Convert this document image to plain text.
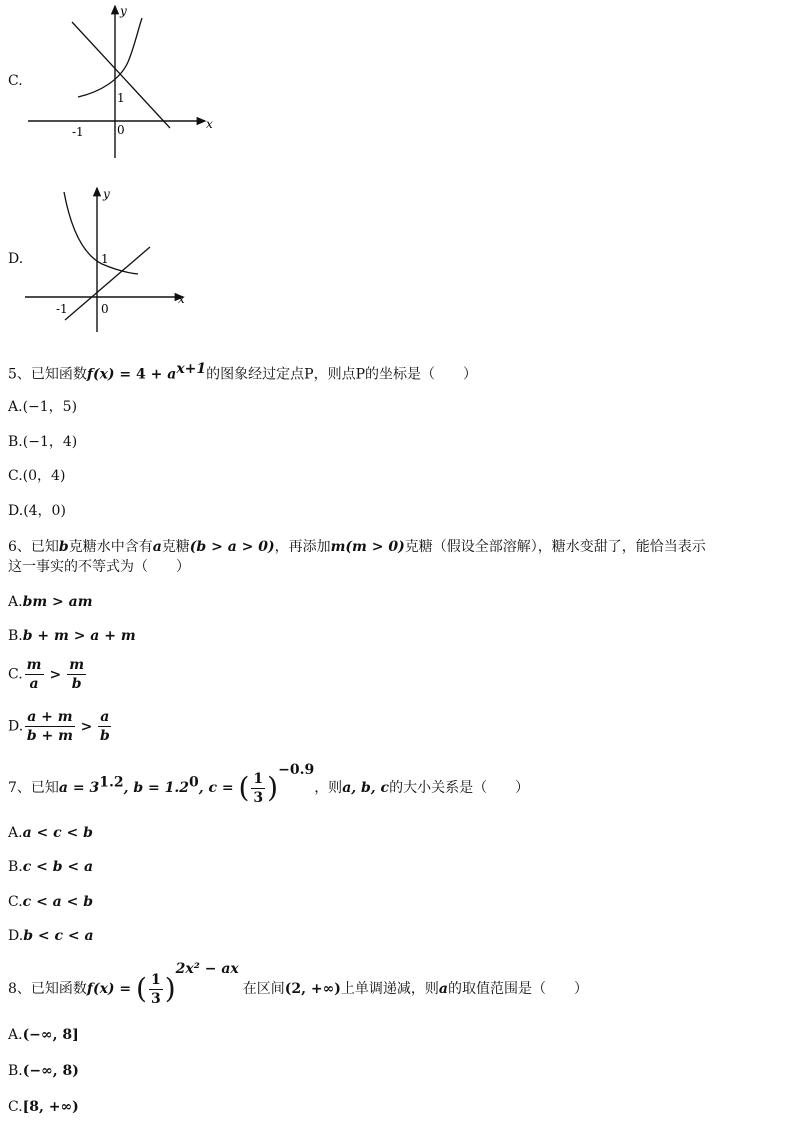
C.
y
x
1
-1	0
D.
y
x
1
-1	0
5、已知函数$f(x) = 4 + a^{x+1}$的图象经过定点P，则点P的坐标是（　　）
A.(−1，5)
B.(−1，4)
C.(0，4)
D.(4，0)
6、已知b克糖水中含有a克糖(b > a > 0)，再添加m(m > 0)克糖（假设全部溶解），糖水变甜了，能恰当表示
这一事实的不等式为（　　）
A.bm > am
B.b + m > a + m
C. $\frac{m}{a} > \frac{m}{b}$
D. $\frac{a + m}{b + m} > \frac{a}{b}$
7、已知$a = 3^{1.2}$, $b = 1.2^0$, c = ( $\frac{1}{3} )^{-0.9}$，则a, b, c的大小关系是（　　）
A.a < c < b
B.c < b < a
C.c < a < b
D.b < c < a
8、已知函数f(x) = ( $\frac{1}{3} )^{2x^2 - ax}$在区间(2, +∞)上单调递减，则a的取值范围是（　　）
A.(−∞, 8]
B.(−∞, 8)
C.[8, +∞)
